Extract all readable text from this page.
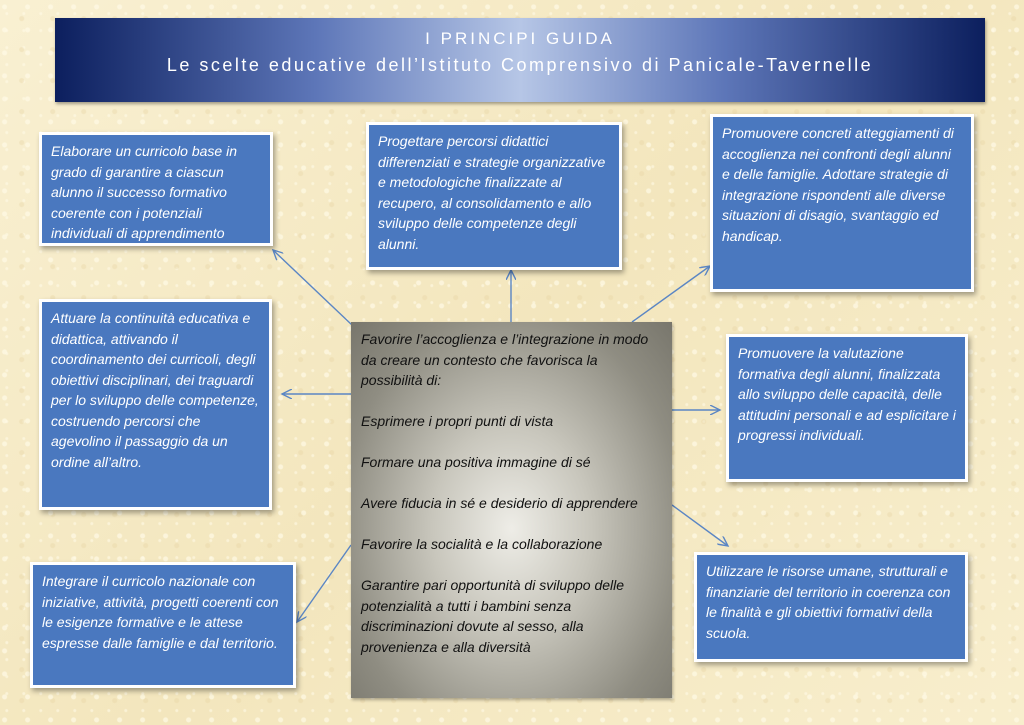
I PRINCIPI GUIDA
Le scelte educative dell’Istituto Comprensivo di Panicale-Tavernelle
Elaborare un curricolo base in grado di garantire a ciascun alunno il successo formativo coerente con i potenziali individuali di apprendimento
Progettare percorsi didattici differenziati e strategie organizzative e metodologiche finalizzate al recupero, al consolidamento e allo sviluppo delle competenze degli alunni.
Promuovere concreti atteggiamenti di accoglienza nei confronti degli alunni e delle famiglie. Adottare strategie di integrazione rispondenti alle diverse situazioni di disagio, svantaggio ed handicap.
Attuare la continuità educativa e didattica, attivando il coordinamento dei curricoli, degli obiettivi disciplinari, dei traguardi per lo sviluppo delle competenze, costruendo percorsi che agevolino il passaggio da un ordine all’altro.
Promuovere la valutazione formativa degli alunni, finalizzata allo sviluppo delle capacità, delle attitudini personali e ad esplicitare i progressi individuali.
Integrare il curricolo nazionale con iniziative, attività, progetti coerenti con le esigenze formative e le attese espresse dalle famiglie e dal territorio.
Utilizzare le risorse umane, strutturali e finanziarie del territorio in coerenza con le finalità e gli obiettivi formativi della scuola.

Favorire l’accoglienza e l’integrazione in modo da creare un contesto che favorisca la possibilità di:

Esprimere i propri punti di vista

Formare una positiva immagine di sé

Avere fiducia in sé e desiderio di apprendere

Favorire la socialità e la collaborazione

Garantire pari opportunità di sviluppo delle potenzialità a tutti i bambini senza discriminazioni dovute al sesso, alla provenienza e alla diversità
